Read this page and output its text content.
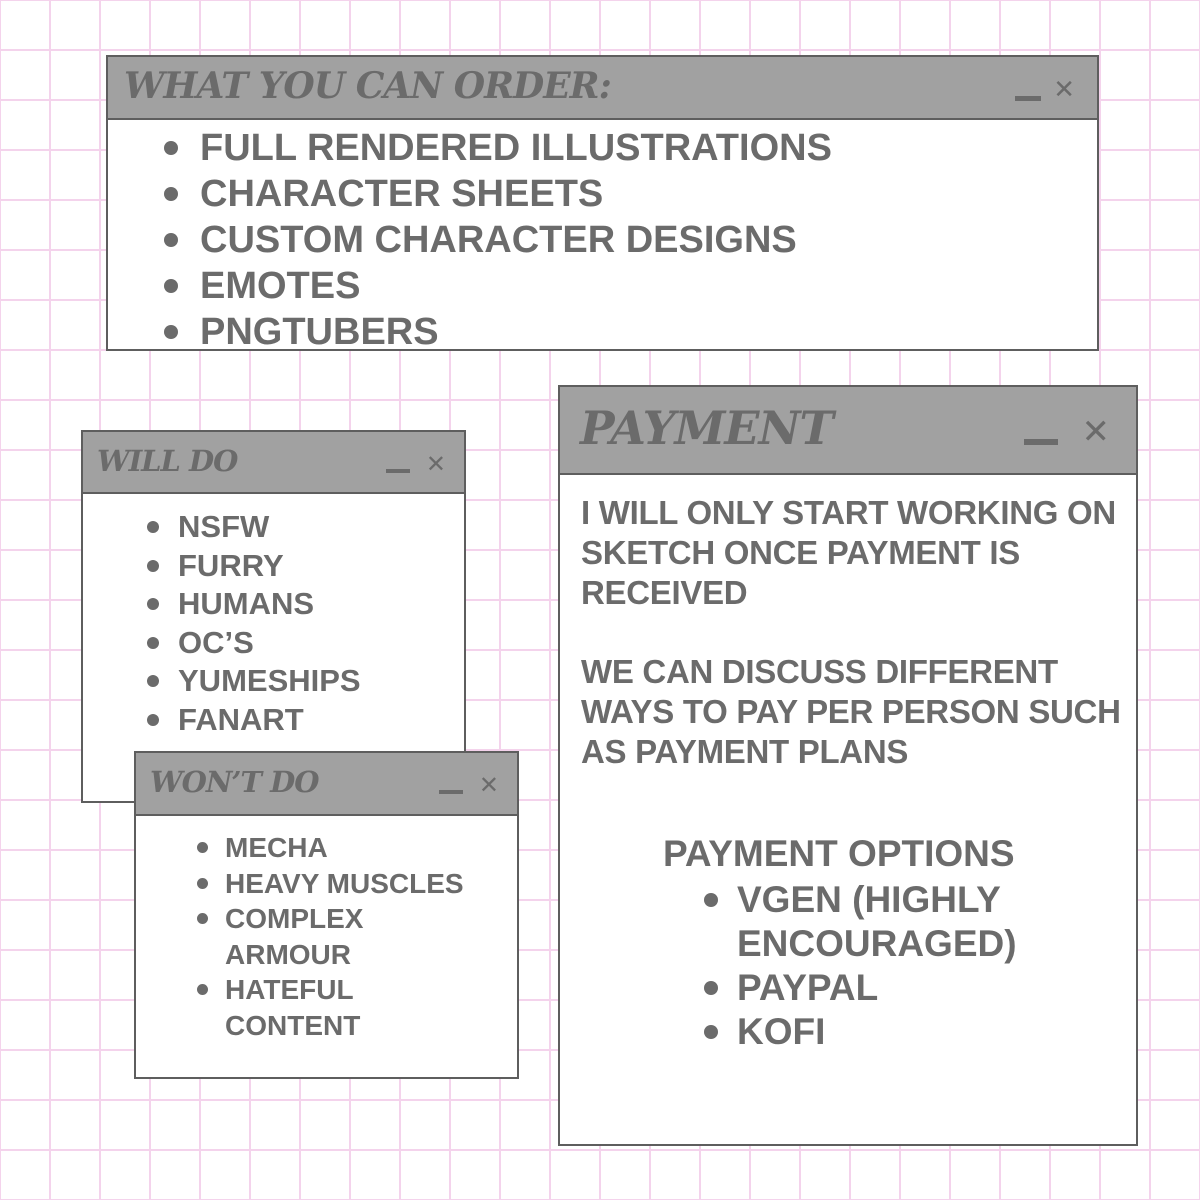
WHAT YOU CAN ORDER:	✕
FULL RENDERED ILLUSTRATIONS
CHARACTER SHEETS
CUSTOM CHARACTER DESIGNS
EMOTES
PNGTUBERS
WILL DO	✕
NSFW
FURRY
HUMANS
OC’S
YUMESHIPS
FANART
WON’T DO	✕
MECHA
HEAVY MUSCLES
COMPLEX ARMOUR
HATEFUL CONTENT
PAYMENT	✕
I WILL ONLY START WORKING ON SKETCH ONCE PAYMENT IS RECEIVED
WE CAN DISCUSS DIFFERENT WAYS TO PAY PER PERSON SUCH AS PAYMENT PLANS
PAYMENT OPTIONS
VGEN (HIGHLY ENCOURAGED)
PAYPAL
KOFI
